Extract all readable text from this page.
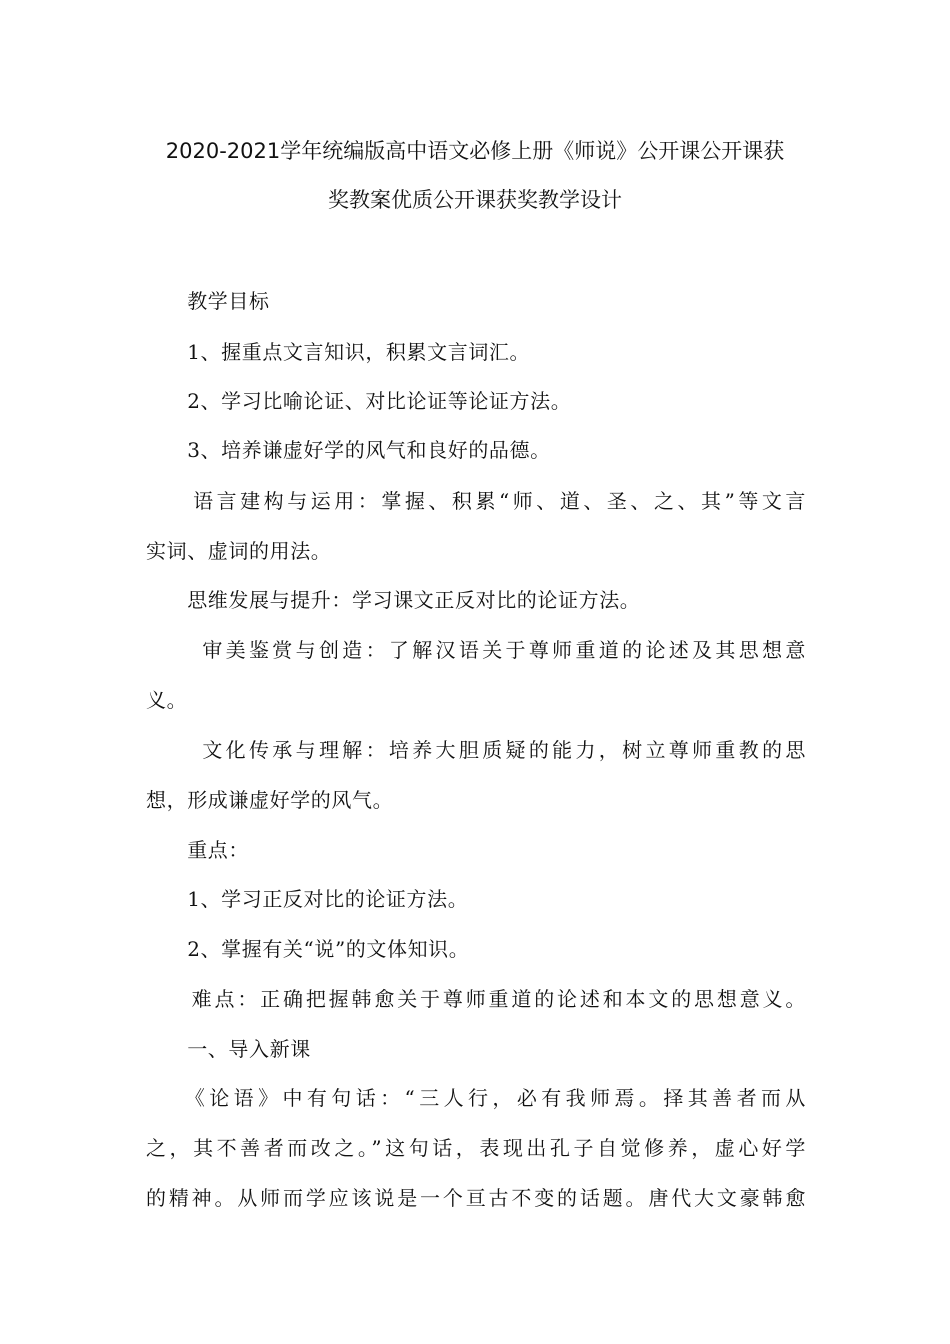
2020-2021学年统编版高中语文必修上册《师说》公开课公开课获
奖教案优质公开课获奖教学设计
　　教学目标
　　1、握重点文言知识，积累文言词汇。
　　2、学习比喻论证、对比论证等论证方法。
　　3、培养谦虚好学的风气和良好的品德。
　　语言建构与运用：掌握、积累“师、道、圣、之、其”等文言
实词、虚词的用法。
　　思维发展与提升：学习课文正反对比的论证方法。
　　 审美鉴赏与创造：了解汉语关于尊师重道的论述及其思想意
义。
　　 文化传承与理解：培养大胆质疑的能力，树立尊师重教的思
想，形成谦虚好学的风气。
　　重点：
　　1、学习正反对比的论证方法。
　　2、掌握有关“说”的文体知识。
　　难点：正确把握韩愈关于尊师重道的论述和本文的思想意义。
　　一、导入新课
　　《论语》中有句话：“三人行，必有我师焉。择其善者而从
之，其不善者而改之。”这句话，表现出孔子自觉修养，虚心好学
的精神。从师而学应该说是一个亘古不变的话题。唐代大文豪韩愈
